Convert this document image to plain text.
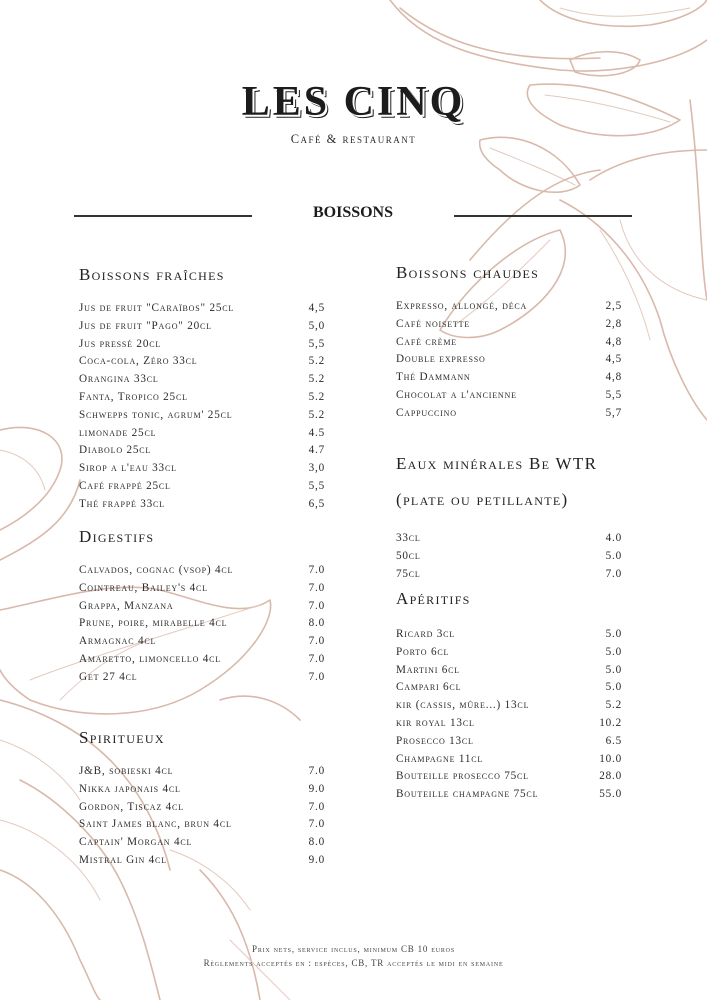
LES CINQ
Café & restaurant
BOISSONS
Boissons fraîches
Jus de fruit "Caraïbos" 25cl	4,5
Jus de fruit "Pago" 20cl	5,0
Jus pressé 20cl	5,5
Coca-cola, Zéro 33cl	5.2
Orangina 33cl	5.2
Fanta, Tropico 25cl	5.2
Schwepps tonic, agrum' 25cl	5.2
limonade 25cl	4.5
Diabolo 25cl	4.7
Sirop a l'eau 33cl	3,0
Café frappé 25cl	5,5
Thé frappé 33cl	6,5
Digestifs
Calvados, cognac (vsop) 4cl	7.0
Cointreau, Bailey's 4cl	7.0
Grappa, Manzana	7.0
Prune, poire, mirabelle 4cl	8.0
Armagnac 4cl	7.0
Amaretto, limoncello 4cl	7.0
Get 27 4cl	7.0
Spiritueux
J&B, sobieski 4cl	7.0
Nikka japonais 4cl	9.0
Gordon, Tiscaz 4cl	7.0
Saint James blanc, brun 4cl	7.0
Captain' Morgan 4cl	8.0
Mistral Gin 4cl	9.0
Boissons chaudes
Expresso, allongé, déca	2,5
Café noisette	2,8
Café crème	4,8
Double expresso	4,5
Thé Dammann	4,8
Chocolat a l'ancienne	5,5
Cappuccino	5,7
Eaux minérales Be WTR
(plate ou petillante)
33cl	4.0
50cl	5.0
75cl	7.0
Apéritifs
Ricard 3cl	5.0
Porto 6cl	5.0
Martini 6cl	5.0
Campari 6cl	5.0
kir (cassis, mûre...) 13cl	5.2
kir royal 13cl	10.2
Prosecco 13cl	6.5
Champagne 11cl	10.0
Bouteille prosecco 75cl	28.0
Bouteille champagne 75cl	55.0
Prix nets, service inclus, minimum CB 10 euros
Règlements acceptés en : espèces, CB, TR acceptés le midi en semaine
